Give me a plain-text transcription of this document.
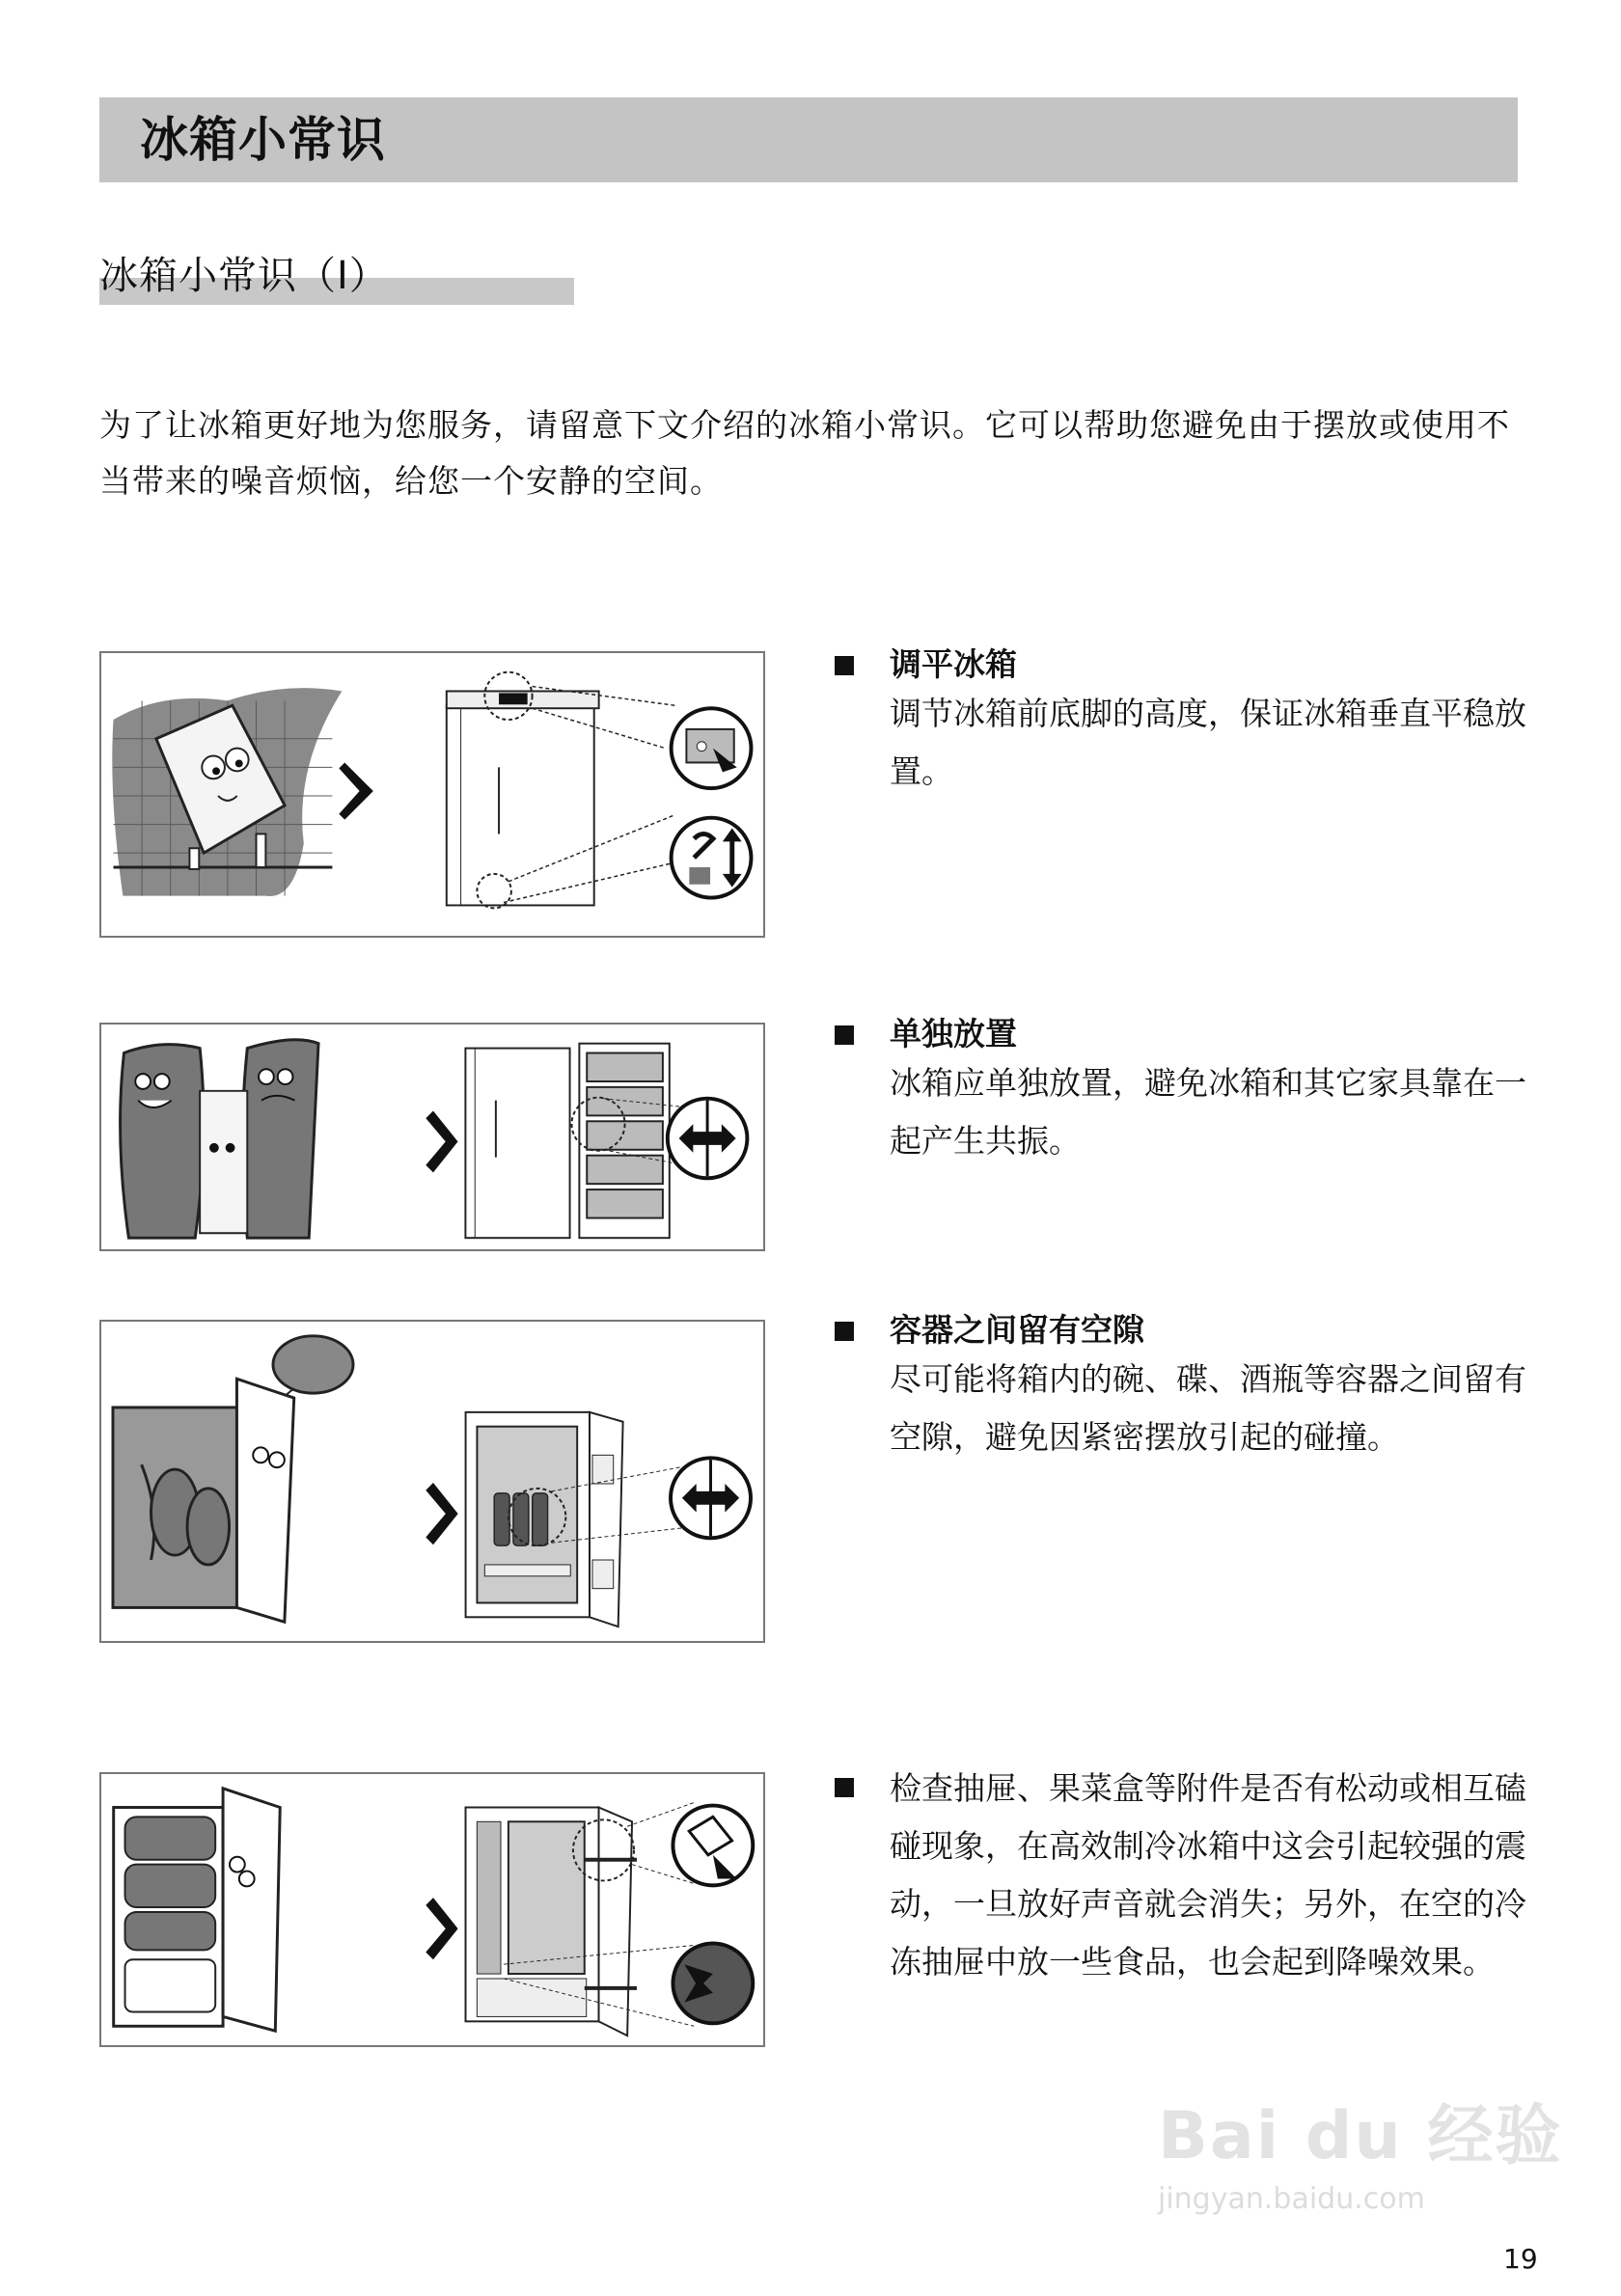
冰箱小常识
冰箱小常识（I）
为了让冰箱更好地为您服务，请留意下文介绍的冰箱小常识。它可以帮助您避免由于摆放或使用不当带来的噪音烦恼，给您一个安静的空间。
调平冰箱
调节冰箱前底脚的高度，保证冰箱垂直平稳放置。
单独放置
冰箱应单独放置，避免冰箱和其它家具靠在一起产生共振。
容器之间留有空隙
尽可能将箱内的碗、碟、酒瓶等容器之间留有空隙，避免因紧密摆放引起的碰撞。
检查抽屉、果菜盒等附件是否有松动或相互磕碰现象，在高效制冷冰箱中这会引起较强的震动，一旦放好声音就会消失；另外，在空的冷冻抽屉中放一些食品，也会起到降噪效果。
Bai du 经验
jingyan.baidu.com
19
